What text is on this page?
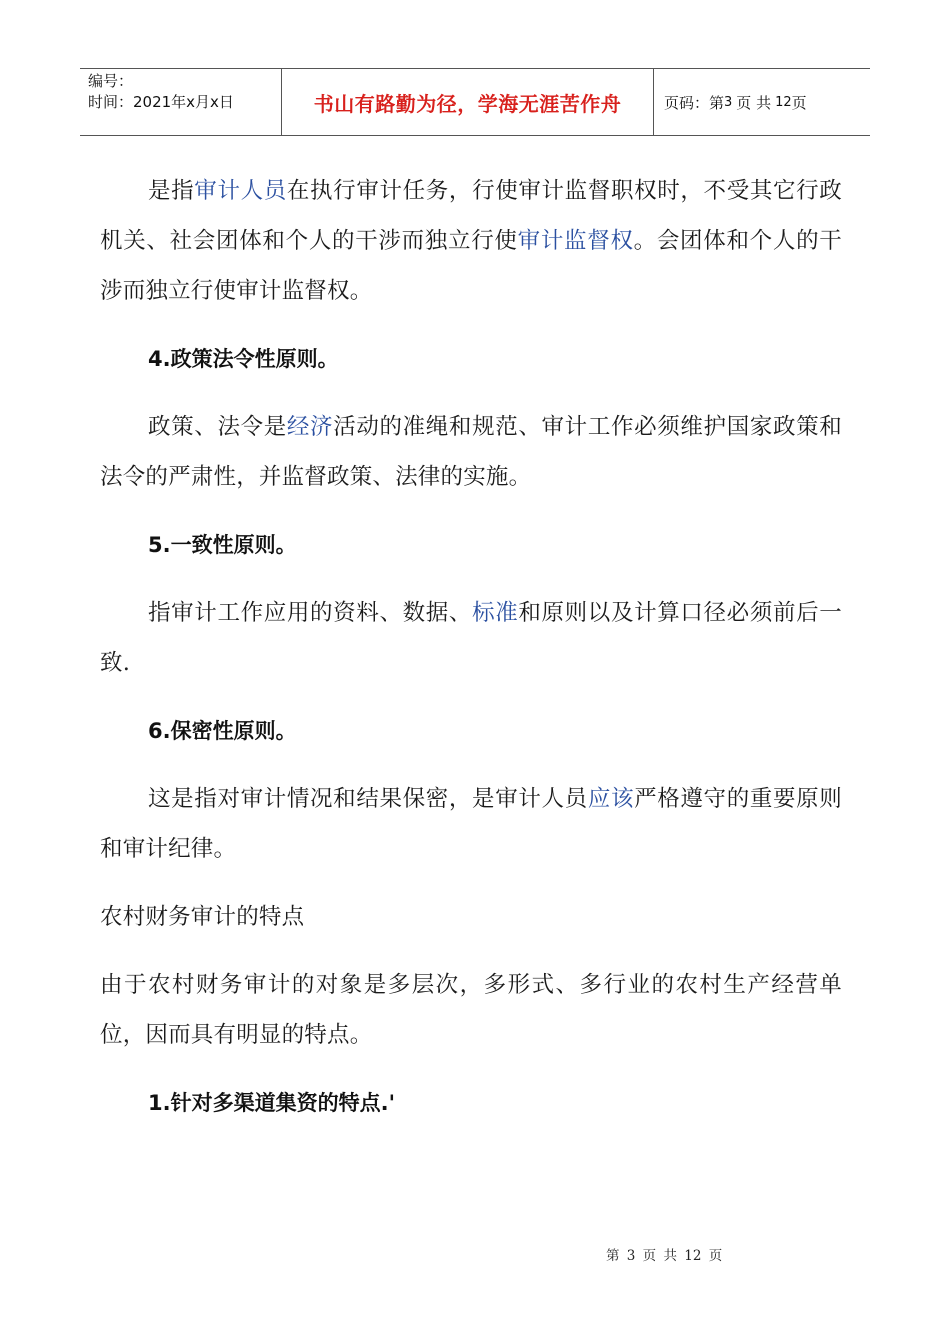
编号：
时间：2021年x月x日	书山有路勤为径，学海无涯苦作舟	页码：第 3 页 共 12 页

是指审计人员在执行审计任务，行使审计监督职权时，不受其它行政机关、社会团体和个人的干涉而独立行使审计监督权。会团体和个人的干涉而独立行使审计监督权。

4.政策法令性原则。

政策、法令是经济活动的准绳和规范、审计工作必须维护国家政策和法令的严肃性，并监督政策、法律的实施。

5.一致性原则。

指审计工作应用的资料、数据、标准和原则以及计算口径必须前后一致.

6.保密性原则。

这是指对审计情况和结果保密，是审计人员应该严格遵守的重要原则和审计纪律。

农村财务审计的特点

由于农村财务审计的对象是多层次，多形式、多行业的农村生产经营单位，因而具有明显的特点。

1.针对多渠道集资的特点.'
第 3 页 共 12 页
